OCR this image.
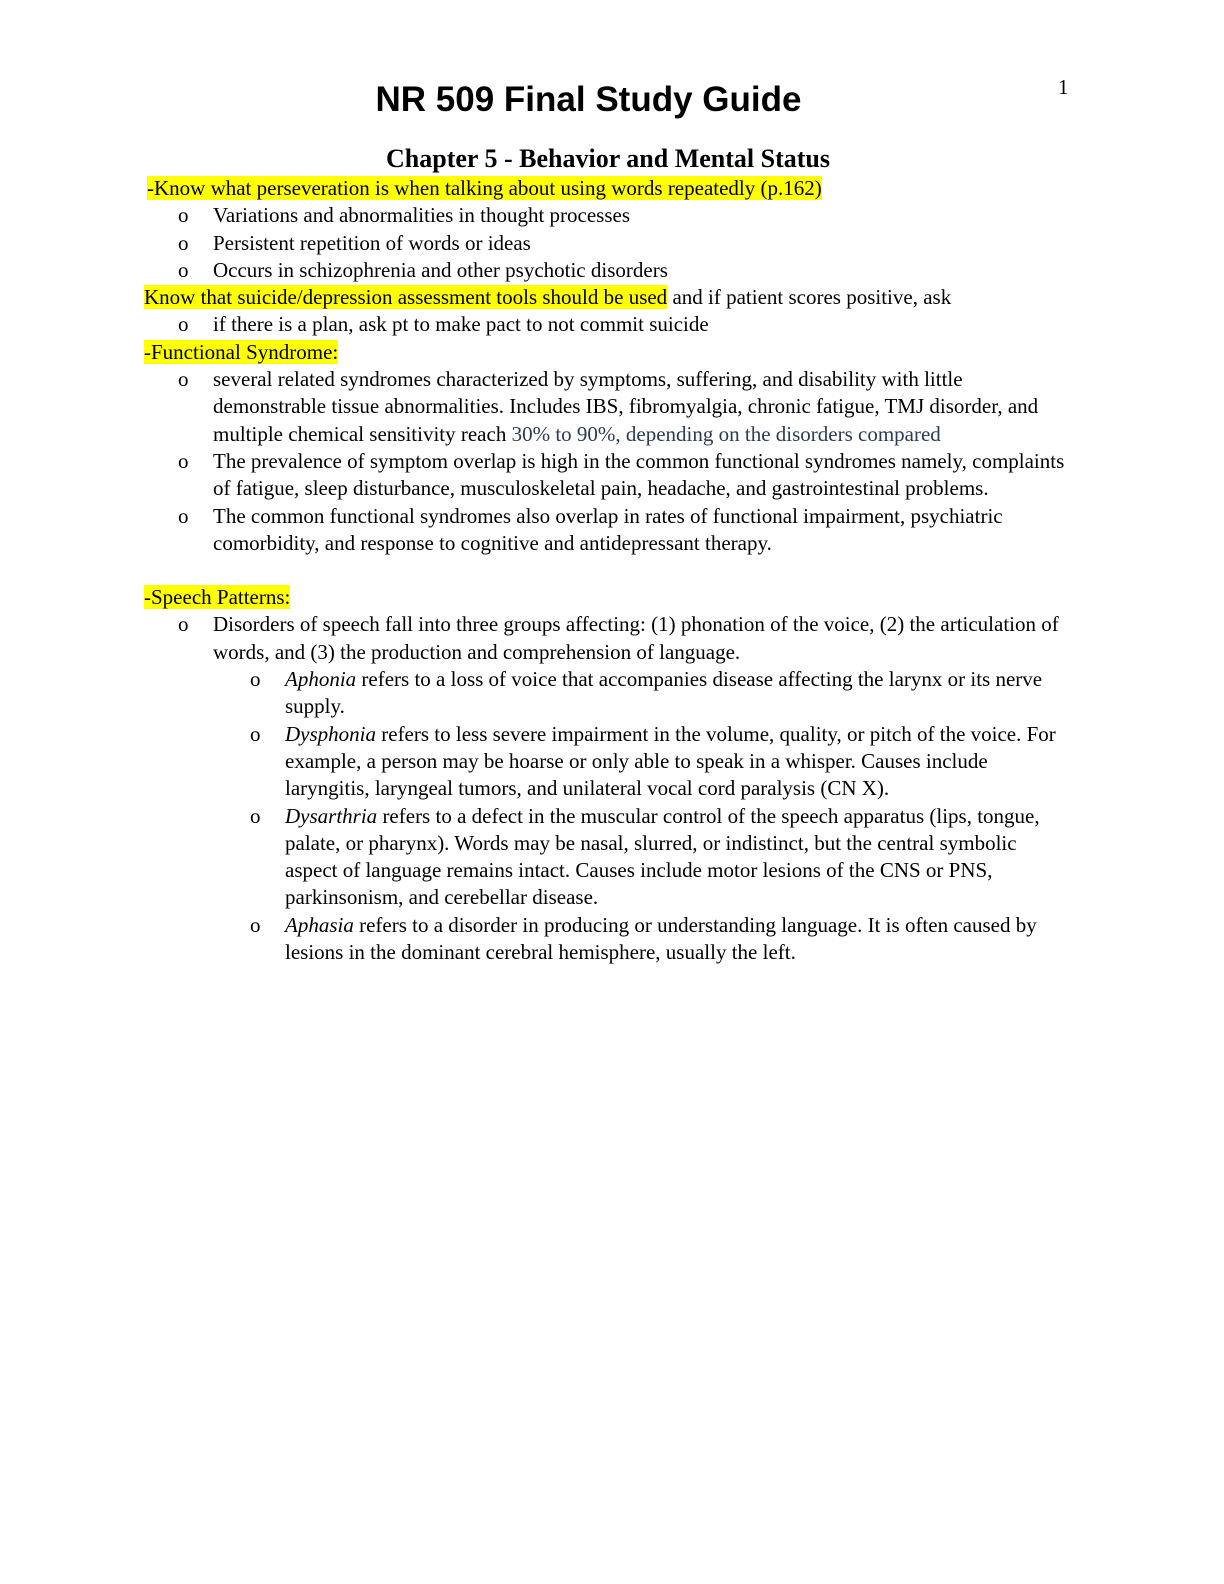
1
NR 509 Final Study Guide
Chapter 5 - Behavior and Mental Status

-Know what perseveration is when talking about using words repeatedly (p.162)

o Variations and abnormalities in thought processes
o Persistent repetition of words or ideas
o Occurs in schizophrenia and other psychotic disorders

Know that suicide/depression assessment tools should be used and if patient scores positive, ask

o if there is a plan, ask pt to make pact to not commit suicide

-Functional Syndrome:

o several related syndromes characterized by symptoms, suffering, and disability with little demonstrable tissue abnormalities. Includes IBS, fibromyalgia, chronic fatigue, TMJ disorder, and multiple chemical sensitivity reach 30% to 90%, depending on the disorders compared
o The prevalence of symptom overlap is high in the common functional syndromes namely, complaints of fatigue, sleep disturbance, musculoskeletal pain, headache, and gastrointestinal problems.
o The common functional syndromes also overlap in rates of functional impairment, psychiatric comorbidity, and response to cognitive and antidepressant therapy.

-Speech Patterns:

o Disorders of speech fall into three groups affecting: (1) phonation of the voice, (2) the articulation of words, and (3) the production and comprehension of language.
o Aphonia refers to a loss of voice that accompanies disease affecting the larynx or its nerve supply.
o Dysphonia refers to less severe impairment in the volume, quality, or pitch of the voice. For example, a person may be hoarse or only able to speak in a whisper. Causes include laryngitis, laryngeal tumors, and unilateral vocal cord paralysis (CN X).
o Dysarthria refers to a defect in the muscular control of the speech apparatus (lips, tongue, palate, or pharynx). Words may be nasal, slurred, or indistinct, but the central symbolic aspect of language remains intact. Causes include motor lesions of the CNS or PNS, parkinsonism, and cerebellar disease.
o Aphasia refers to a disorder in producing or understanding language. It is often caused by lesions in the dominant cerebral hemisphere, usually the left.
